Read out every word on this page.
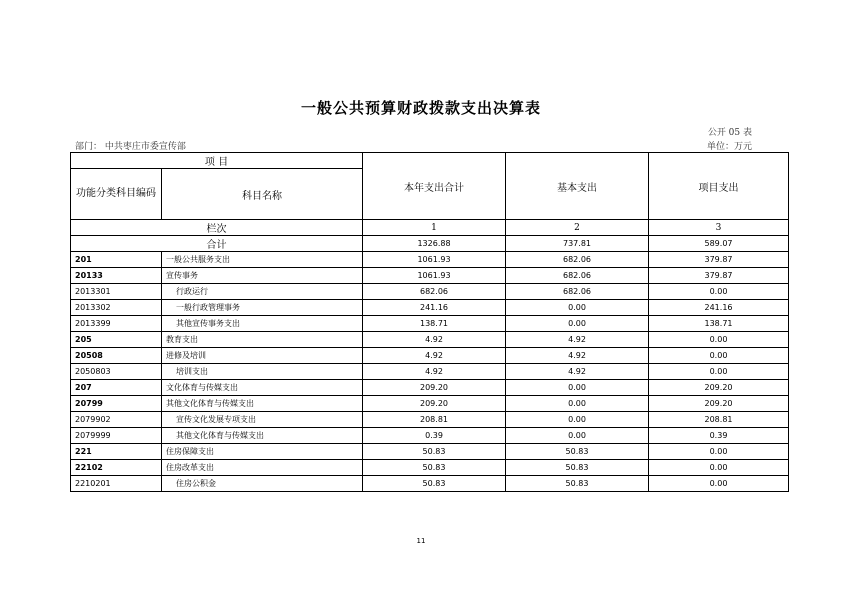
一般公共预算财政拨款支出决算表
公开 05 表
部门： 中共枣庄市委宣传部	单位：万元
项 目		本年支出合计	基本支出	项目支出
功能分类科目编码	科目名称			
栏次		1	2	3
合计		1326.88	737.81	589.07
201	一般公共服务支出	1061.93	682.06	379.87
20133	宣传事务	1061.93	682.06	379.87
2013301	行政运行	682.06	682.06	0.00
2013302	一般行政管理事务	241.16	0.00	241.16
2013399	其他宣传事务支出	138.71	0.00	138.71
205	教育支出	4.92	4.92	0.00
20508	进修及培训	4.92	4.92	0.00
2050803	培训支出	4.92	4.92	0.00
207	文化体育与传媒支出	209.20	0.00	209.20
20799	其他文化体育与传媒支出	209.20	0.00	209.20
2079902	宣传文化发展专项支出	208.81	0.00	208.81
2079999	其他文化体育与传媒支出	0.39	0.00	0.39
221	住房保障支出	50.83	50.83	0.00
22102	住房改革支出	50.83	50.83	0.00
2210201	住房公积金	50.83	50.83	0.00
11
